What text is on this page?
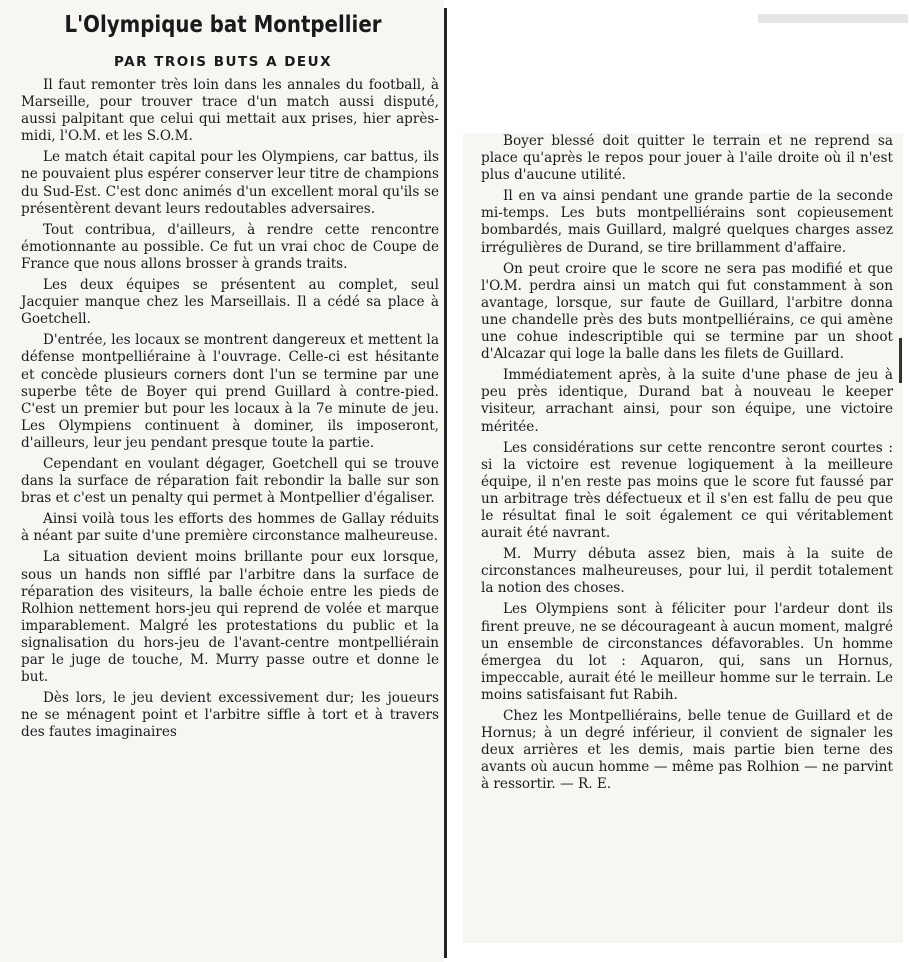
L'Olympique bat Montpellier
PAR TROIS BUTS A DEUX

Il faut remonter très loin dans les annales du football, à Marseille, pour trouver trace d'un match aussi disputé, aussi palpitant que celui qui mettait aux prises, hier après-midi, l'O.M. et les S.O.M.

Le match était capital pour les Olympiens, car battus, ils ne pouvaient plus espérer conserver leur titre de champions du Sud-Est. C'est donc animés d'un excellent moral qu'ils se présentèrent devant leurs redoutables adversaires.

Tout contribua, d'ailleurs, à rendre cette rencontre émotionnante au possible. Ce fut un vrai choc de Coupe de France que nous allons brosser à grands traits.

Les deux équipes se présentent au complet, seul Jacquier manque chez les Marseillais. Il a cédé sa place à Goetchell.

D'entrée, les locaux se montrent dangereux et mettent la défense montpelliéraine à l'ouvrage. Celle-ci est hésitante et concède plusieurs corners dont l'un se termine par une superbe tête de Boyer qui prend Guillard à contre-pied. C'est un premier but pour les locaux à la 7e minute de jeu. Les Olympiens continuent à dominer, ils imposeront, d'ailleurs, leur jeu pendant presque toute la partie.

Cependant en voulant dégager, Goetchell qui se trouve dans la surface de réparation fait rebondir la balle sur son bras et c'est un penalty qui permet à Montpellier d'égaliser.

Ainsi voilà tous les efforts des hommes de Gallay réduits à néant par suite d'une première circonstance malheureuse.

La situation devient moins brillante pour eux lorsque, sous un hands non sifflé par l'arbitre dans la surface de réparation des visiteurs, la balle échoie entre les pieds de Rolhion nettement hors-jeu qui reprend de volée et marque imparablement. Malgré les protestations du public et la signalisation du hors-jeu de l'avant-centre montpelliérain par le juge de touche, M. Murry passe outre et donne le but.

Dès lors, le jeu devient excessivement dur; les joueurs ne se ménagent point et l'arbitre siffle à tort et à travers des fautes imaginaires

Boyer blessé doit quitter le terrain et ne reprend sa place qu'après le repos pour jouer à l'aile droite où il n'est plus d'aucune utilité.

Il en va ainsi pendant une grande partie de la seconde mi-temps. Les buts montpelliérains sont copieusement bombardés, mais Guillard, malgré quelques charges assez irrégulières de Durand, se tire brillamment d'affaire.

On peut croire que le score ne sera pas modifié et que l'O.M. perdra ainsi un match qui fut constamment à son avantage, lorsque, sur faute de Guillard, l'arbitre donna une chandelle près des buts montpelliérains, ce qui amène une cohue indescriptible qui se termine par un shoot d'Alcazar qui loge la balle dans les filets de Guillard.

Immédiatement après, à la suite d'une phase de jeu à peu près identique, Durand bat à nouveau le keeper visiteur, arrachant ainsi, pour son équipe, une victoire méritée.

Les considérations sur cette rencontre seront courtes : si la victoire est revenue logiquement à la meilleure équipe, il n'en reste pas moins que le score fut faussé par un arbitrage très défectueux et il s'en est fallu de peu que le résultat final le soit également ce qui véritablement aurait été navrant.

M. Murry débuta assez bien, mais à la suite de circonstances malheureuses, pour lui, il perdit totalement la notion des choses.

Les Olympiens sont à féliciter pour l'ardeur dont ils firent preuve, ne se décourageant à aucun moment, malgré un ensemble de circonstances défavorables. Un homme émergea du lot : Aquaron, qui, sans un Hornus, impeccable, aurait été le meilleur homme sur le terrain. Le moins satisfaisant fut Rabih.

Chez les Montpelliérains, belle tenue de Guillard et de Hornus; à un degré inférieur, il convient de signaler les deux arrières et les demis, mais partie bien terne des avants où aucun homme — même pas Rolhion — ne parvint à ressortir. — R. E.
